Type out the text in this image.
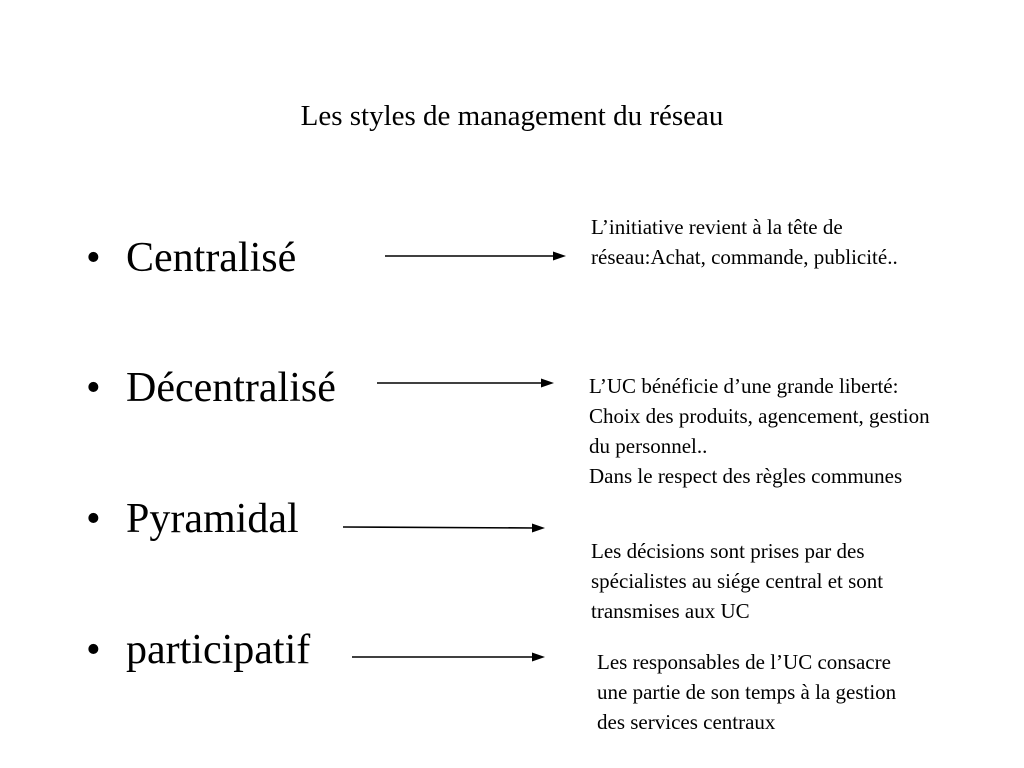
Les styles de management du réseau
• Centralisé
• Décentralisé
• Pyramidal
• participatif
L’initiative revient à la tête de
réseau:Achat, commande, publicité..
L’UC bénéficie d’une grande liberté:
Choix des produits, agencement, gestion
du personnel..
Dans le respect des règles communes
Les décisions sont prises par des
spécialistes au siége central et sont
transmises aux UC
Les responsables de l’UC consacre
une partie de son temps à la gestion
des services centraux
